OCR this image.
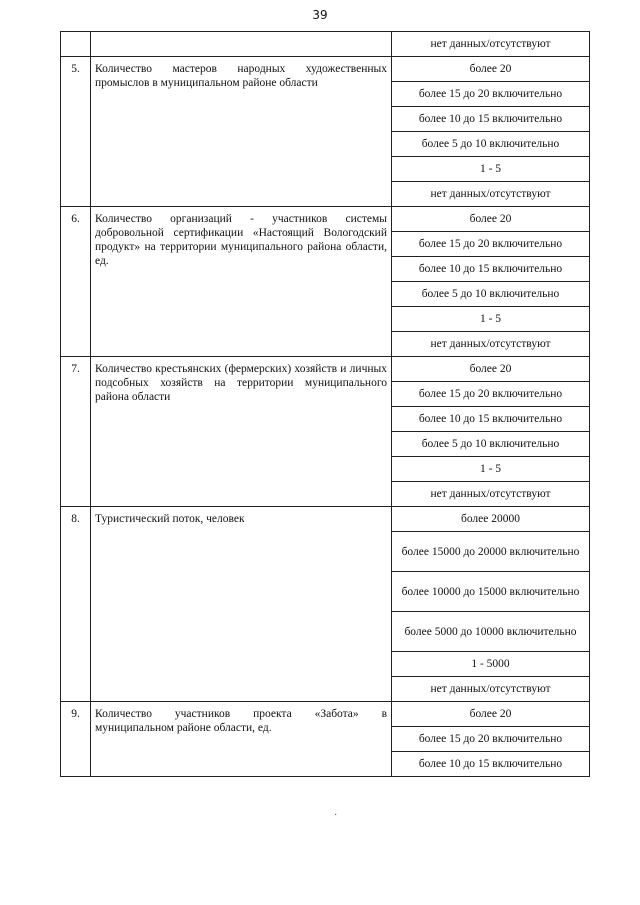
39
		нет данных/отсутствуют
5.	Количество мастеров народных художественных промыслов в муниципальном районе области	более 20
		более 15 до 20 включительно
		более 10 до 15 включительно
		более 5 до 10 включительно
		1 - 5
		нет данных/отсутствуют
6.	Количество организаций - участников системы добровольной сертификации «Настоящий Вологодский продукт» на территории муниципального района области, ед.	более 20
		более 15 до 20 включительно
		более 10 до 15 включительно
		более 5 до 10 включительно
		1 - 5
		нет данных/отсутствуют
7.	Количество крестьянских (фермерских) хозяйств и личных подсобных хозяйств на территории муниципального района области	более 20
		более 15 до 20 включительно
		более 10 до 15 включительно
		более 5 до 10 включительно
		1 - 5
		нет данных/отсутствуют
8.	Туристический поток, человек	более 20000
		более 15000 до 20000 включительно
		более 10000 до 15000 включительно
		более 5000 до 10000 включительно
		1 - 5000
		нет данных/отсутствуют
9.	Количество участников проекта «Забота» в муниципальном районе области, ед.	более 20
		более 15 до 20 включительно
		более 10 до 15 включительно
·
·
